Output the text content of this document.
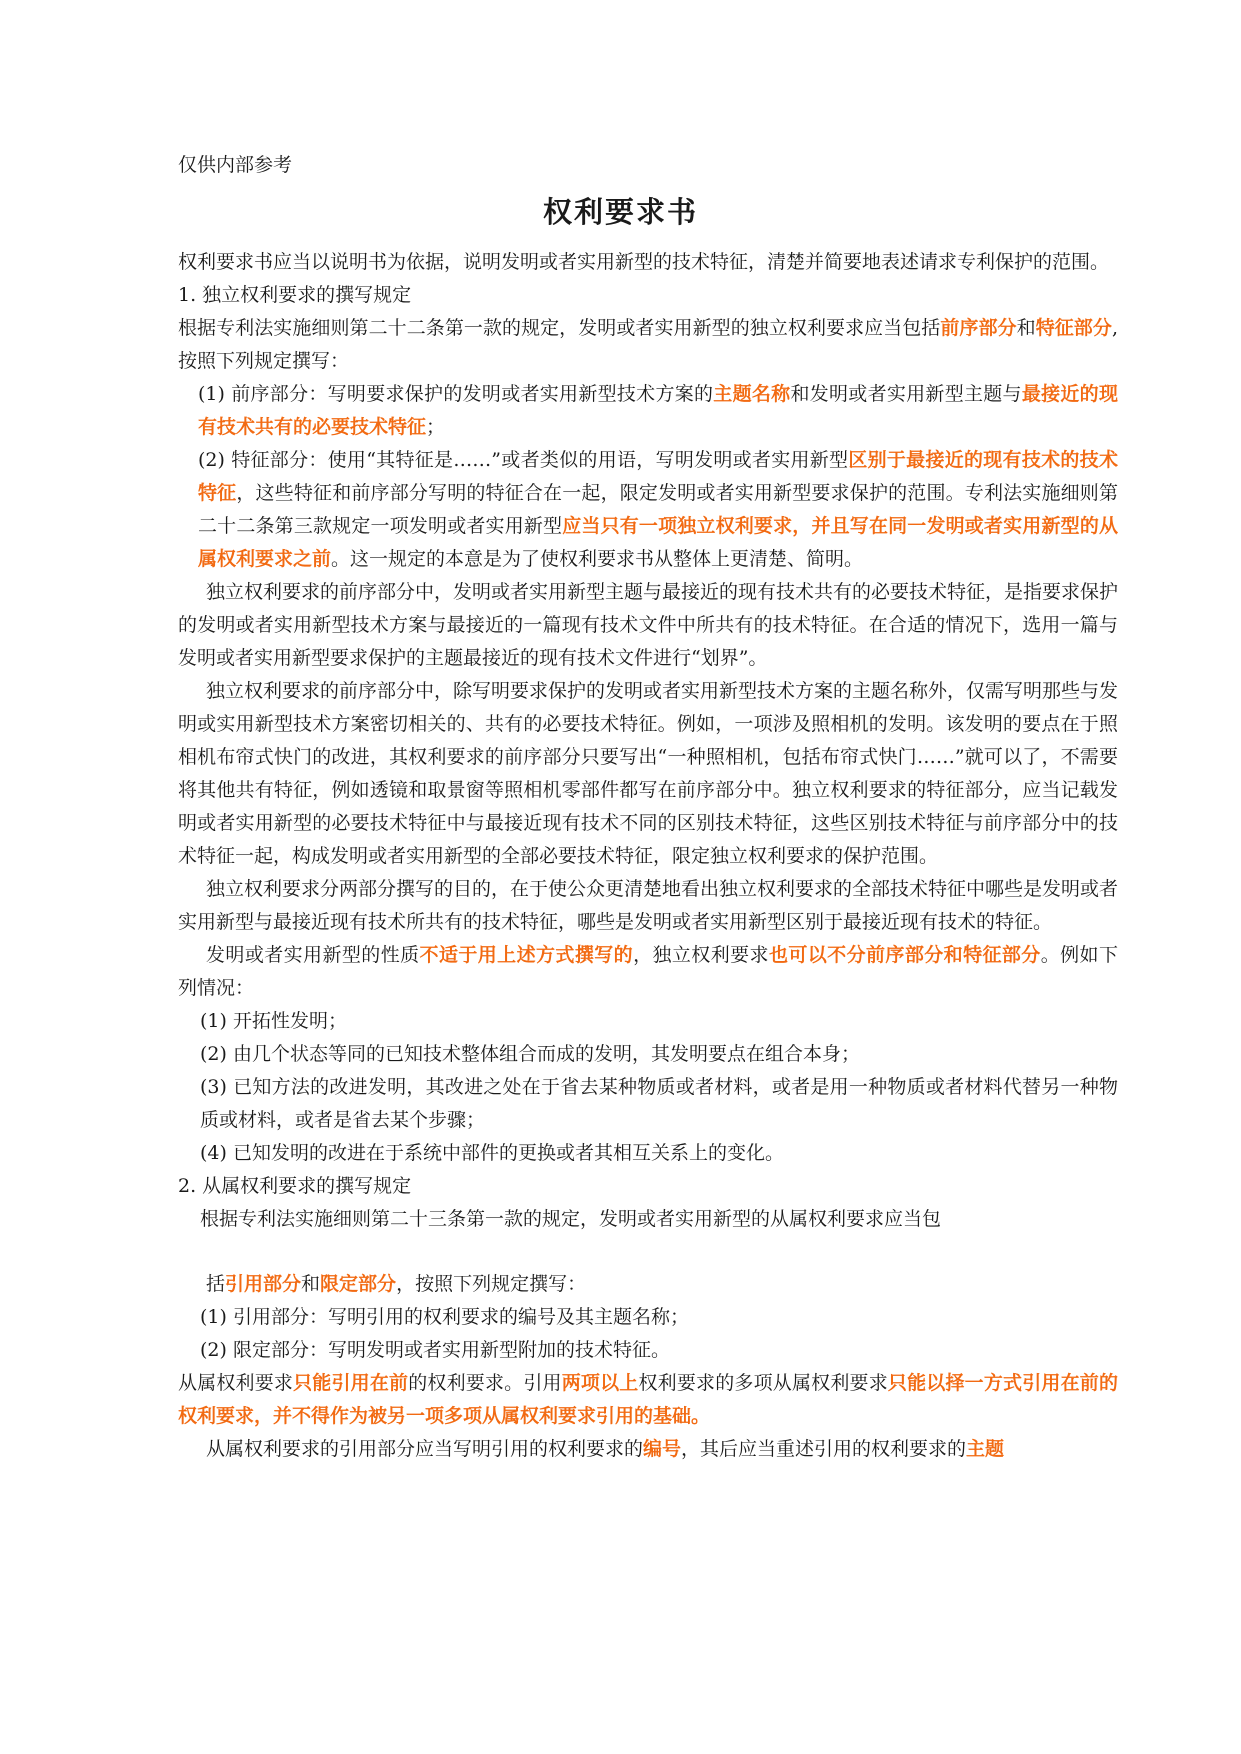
仅供内部参考
权利要求书

权利要求书应当以说明书为依据，说明发明或者实用新型的技术特征，清楚并简要地表述请求专利保护的范围。

1. 独立权利要求的撰写规定

根据专利法实施细则第二十二条第一款的规定，发明或者实用新型的独立权利要求应当包括前序部分和特征部分,按照下列规定撰写：

(1) 前序部分：写明要求保护的发明或者实用新型技术方案的主题名称和发明或者实用新型主题与最接近的现有技术共有的必要技术特征；

(2) 特征部分：使用“其特征是……”或者类似的用语，写明发明或者实用新型区别于最接近的现有技术的技术特征，这些特征和前序部分写明的特征合在一起，限定发明或者实用新型要求保护的范围。专利法实施细则第二十二条第三款规定一项发明或者实用新型应当只有一项独立权利要求，并且写在同一发明或者实用新型的从属权利要求之前。这一规定的本意是为了使权利要求书从整体上更清楚、简明。

独立权利要求的前序部分中，发明或者实用新型主题与最接近的现有技术共有的必要技术特征，是指要求保护的发明或者实用新型技术方案与最接近的一篇现有技术文件中所共有的技术特征。在合适的情况下，选用一篇与发明或者实用新型要求保护的主题最接近的现有技术文件进行“划界”。

独立权利要求的前序部分中，除写明要求保护的发明或者实用新型技术方案的主题名称外，仅需写明那些与发明或实用新型技术方案密切相关的、共有的必要技术特征。例如，一项涉及照相机的发明。该发明的要点在于照相机布帘式快门的改进，其权利要求的前序部分只要写出“一种照相机，包括布帘式快门……”就可以了，不需要将其他共有特征，例如透镜和取景窗等照相机零部件都写在前序部分中。独立权利要求的特征部分，应当记载发明或者实用新型的必要技术特征中与最接近现有技术不同的区别技术特征，这些区别技术特征与前序部分中的技术特征一起，构成发明或者实用新型的全部必要技术特征，限定独立权利要求的保护范围。

独立权利要求分两部分撰写的目的，在于使公众更清楚地看出独立权利要求的全部技术特征中哪些是发明或者实用新型与最接近现有技术所共有的技术特征，哪些是发明或者实用新型区别于最接近现有技术的特征。

发明或者实用新型的性质不适于用上述方式撰写的，独立权利要求也可以不分前序部分和特征部分。例如下列情况：

(1) 开拓性发明；

(2) 由几个状态等同的已知技术整体组合而成的发明，其发明要点在组合本身；

(3) 已知方法的改进发明，其改进之处在于省去某种物质或者材料，或者是用一种物质或者材料代替另一种物质或材料，或者是省去某个步骤；

(4) 已知发明的改进在于系统中部件的更换或者其相互关系上的变化。

2. 从属权利要求的撰写规定

根据专利法实施细则第二十三条第一款的规定，发明或者实用新型的从属权利要求应当包

括引用部分和限定部分，按照下列规定撰写：

(1) 引用部分：写明引用的权利要求的编号及其主题名称；

(2) 限定部分：写明发明或者实用新型附加的技术特征。

从属权利要求只能引用在前的权利要求。引用两项以上权利要求的多项从属权利要求只能以择一方式引用在前的权利要求，并不得作为被另一项多项从属权利要求引用的基础。

从属权利要求的引用部分应当写明引用的权利要求的编号，其后应当重述引用的权利要求的主题
